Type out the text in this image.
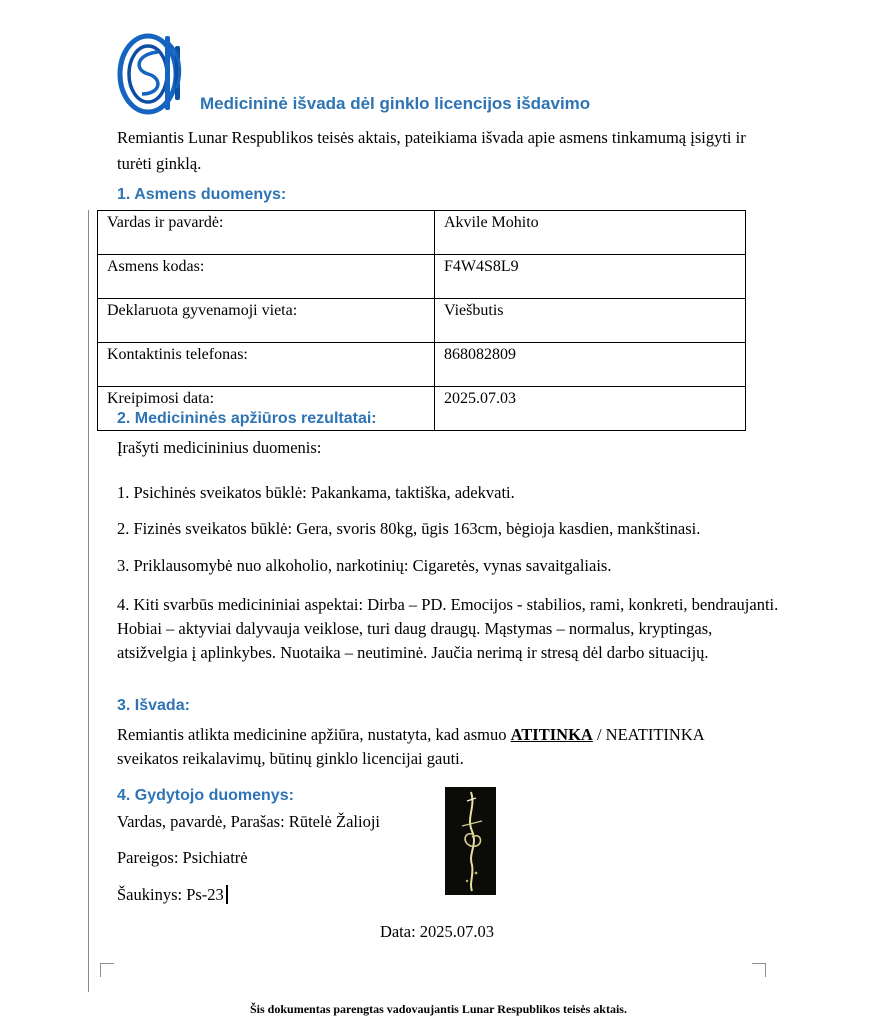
Medicininė išvada dėl ginklo licencijos išdavimo
Remiantis Lunar Respublikos teisės aktais, pateikiama išvada apie asmens tinkamumą įsigyti ir turėti ginklą.
1. Asmens duomenys:
Vardas ir pavardė:	Akvile Mohito
Asmens kodas:	F4W4S8L9
Deklaruota gyvenamoji vieta:	Viešbutis
Kontaktinis telefonas:	868082809
Kreipimosi data:	2025.07.03
2. Medicininės apžiūros rezultatai:
Įrašyti medicininius duomenis:
1. Psichinės sveikatos būklė: Pakankama, taktiška, adekvati.
2. Fizinės sveikatos būklė: Gera, svoris 80kg, ūgis 163cm, bėgioja kasdien, mankštinasi.
3. Priklausomybė nuo alkoholio, narkotinių: Cigaretės, vynas savaitgaliais.
4. Kiti svarbūs medicininiai aspektai: Dirba – PD. Emocijos - stabilios, rami, konkreti, bendraujanti. Hobiai – aktyviai dalyvauja veiklose, turi daug draugų. Mąstymas – normalus, kryptingas, atsižvelgia į aplinkybes. Nuotaika – neutiminė. Jaučia nerimą ir stresą dėl darbo situacijų.
3. Išvada:
Remiantis atlikta medicinine apžiūra, nustatyta, kad asmuo ATITINKA / NEATITINKA sveikatos reikalavimų, būtinų ginklo licencijai gauti.
4. Gydytojo duomenys:
Vardas, pavardė, Parašas: Rūtelė Žalioji
Pareigos: Psichiatrė
Šaukinys: Ps-23
Data: 2025.07.03
Šis dokumentas parengtas vadovaujantis Lunar Respublikos teisės aktais.
